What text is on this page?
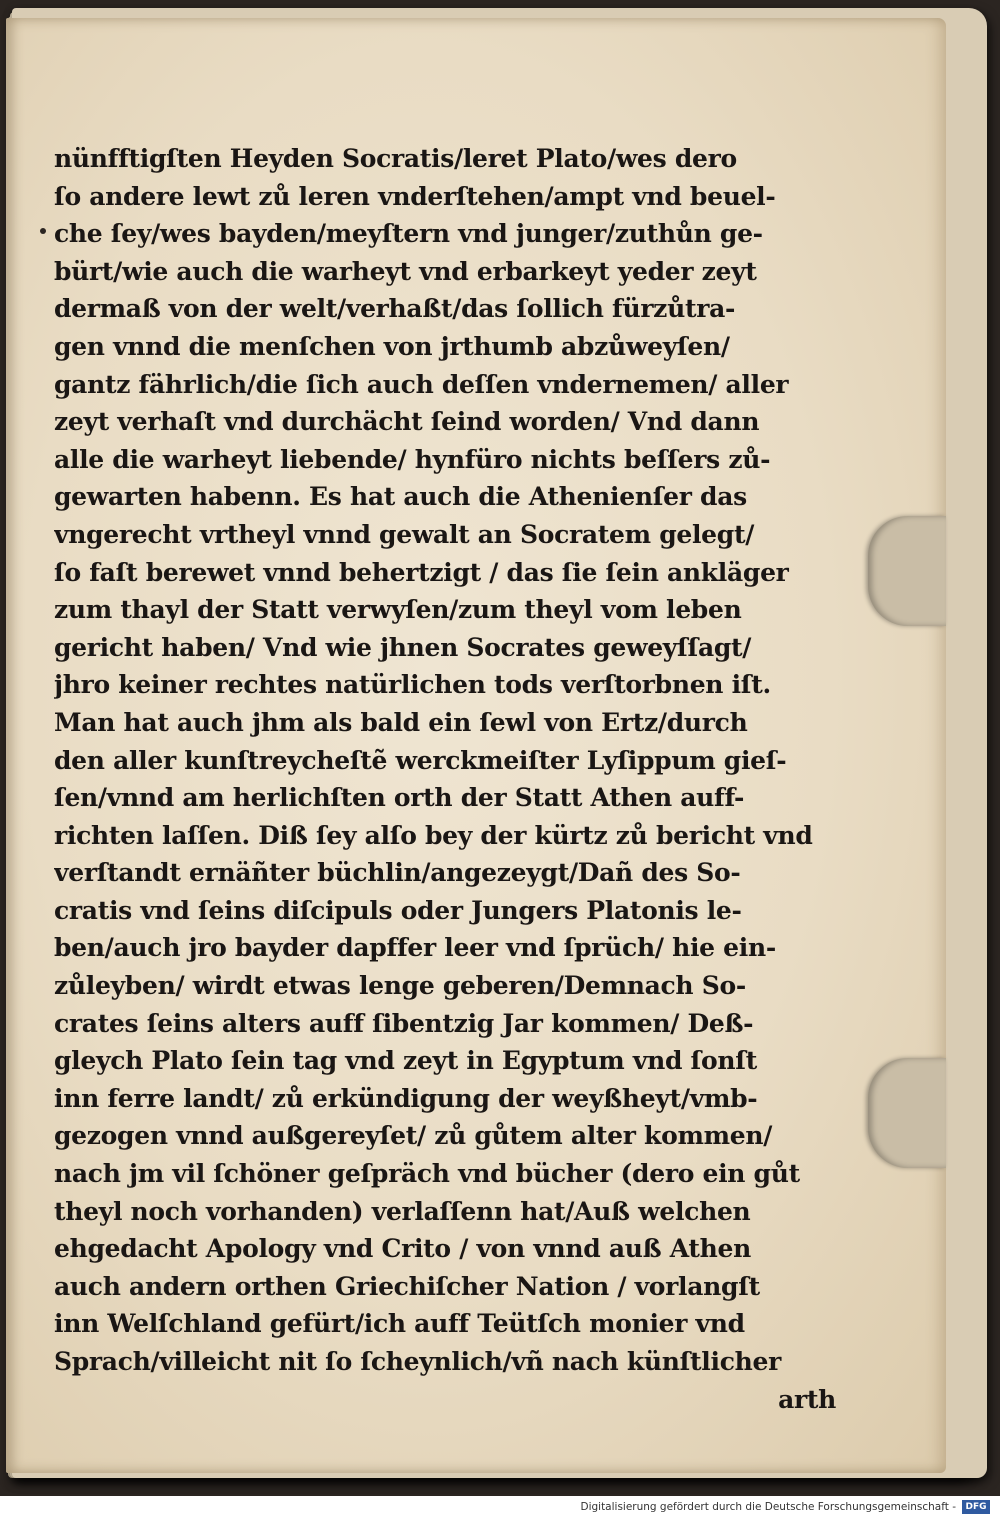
nünfftigſten Heyden Socratis/leret Plato/wes dero
ſo andere lewt zů leren vnderſtehen/ampt vnd beuel-
che ſey/wes bayden/meyſtern vnd junger/zuthůn ge-
bürt/wie auch die warheyt vnd erbarkeyt yeder zeyt
dermaß von der welt/verhaßt/das ſollich fürzůtra-
gen vnnd die menſchen von jrthumb abzůweyſen/
gantz fährlich/die ſich auch deſſen vndernemen/ aller
zeyt verhaſt vnd durchächt ſeind worden/ Vnd dann
alle die warheyt liebende/ hynfüro nichts beſſers zů-
gewarten habenn. Es hat auch die Athenienſer das
vngerecht vrtheyl vnnd gewalt an Socratem gelegt/
ſo faſt berewet vnnd behertzigt / das ſie ſein ankläger
zum thayl der Statt verwyſen/zum theyl vom leben
gericht haben/ Vnd wie jhnen Socrates geweyſſagt/
jhro keiner rechtes natürlichen tods verſtorbnen iſt.
Man hat auch jhm als bald ein ſewl von Ertz/durch
den aller kunſtreycheſtẽ werckmeiſter Lyſippum gieſ-
ſen/vnnd am herlichſten orth der Statt Athen auff-
richten laſſen. Diß ſey alſo bey der kürtz zů bericht vnd
verſtandt ernäñter büchlin/angezeygt/Dañ des So-
cratis vnd ſeins diſcipuls oder Jungers Platonis le-
ben/auch jro bayder dapffer leer vnd ſprüch/ hie ein-
zůleyben/ wirdt etwas lenge geberen/Demnach So-
crates ſeins alters auff ſibentzig Jar kommen/ Deß-
gleych Plato ſein tag vnd zeyt in Egyptum vnd ſonſt
inn ferre landt/ zů erkündigung der weyßheyt/vmb-
gezogen vnnd außgereyſet/ zů gůtem alter kommen/
nach jm vil ſchöner geſpräch vnd bücher (dero ein gůt
theyl noch vorhanden) verlaſſenn hat/Auß welchen
ehgedacht Apology vnd Crito / von vnnd auß Athen
auch andern orthen Griechiſcher Nation / vorlangſt
inn Welſchland gefürt/ich auff Teütſch monier vnd
Sprach/villeicht nit ſo ſcheynlich/vñ nach künſtlicher
arth
Digitalisierung gefördert durch die Deutsche Forschungsgemeinschaft -	DFG
